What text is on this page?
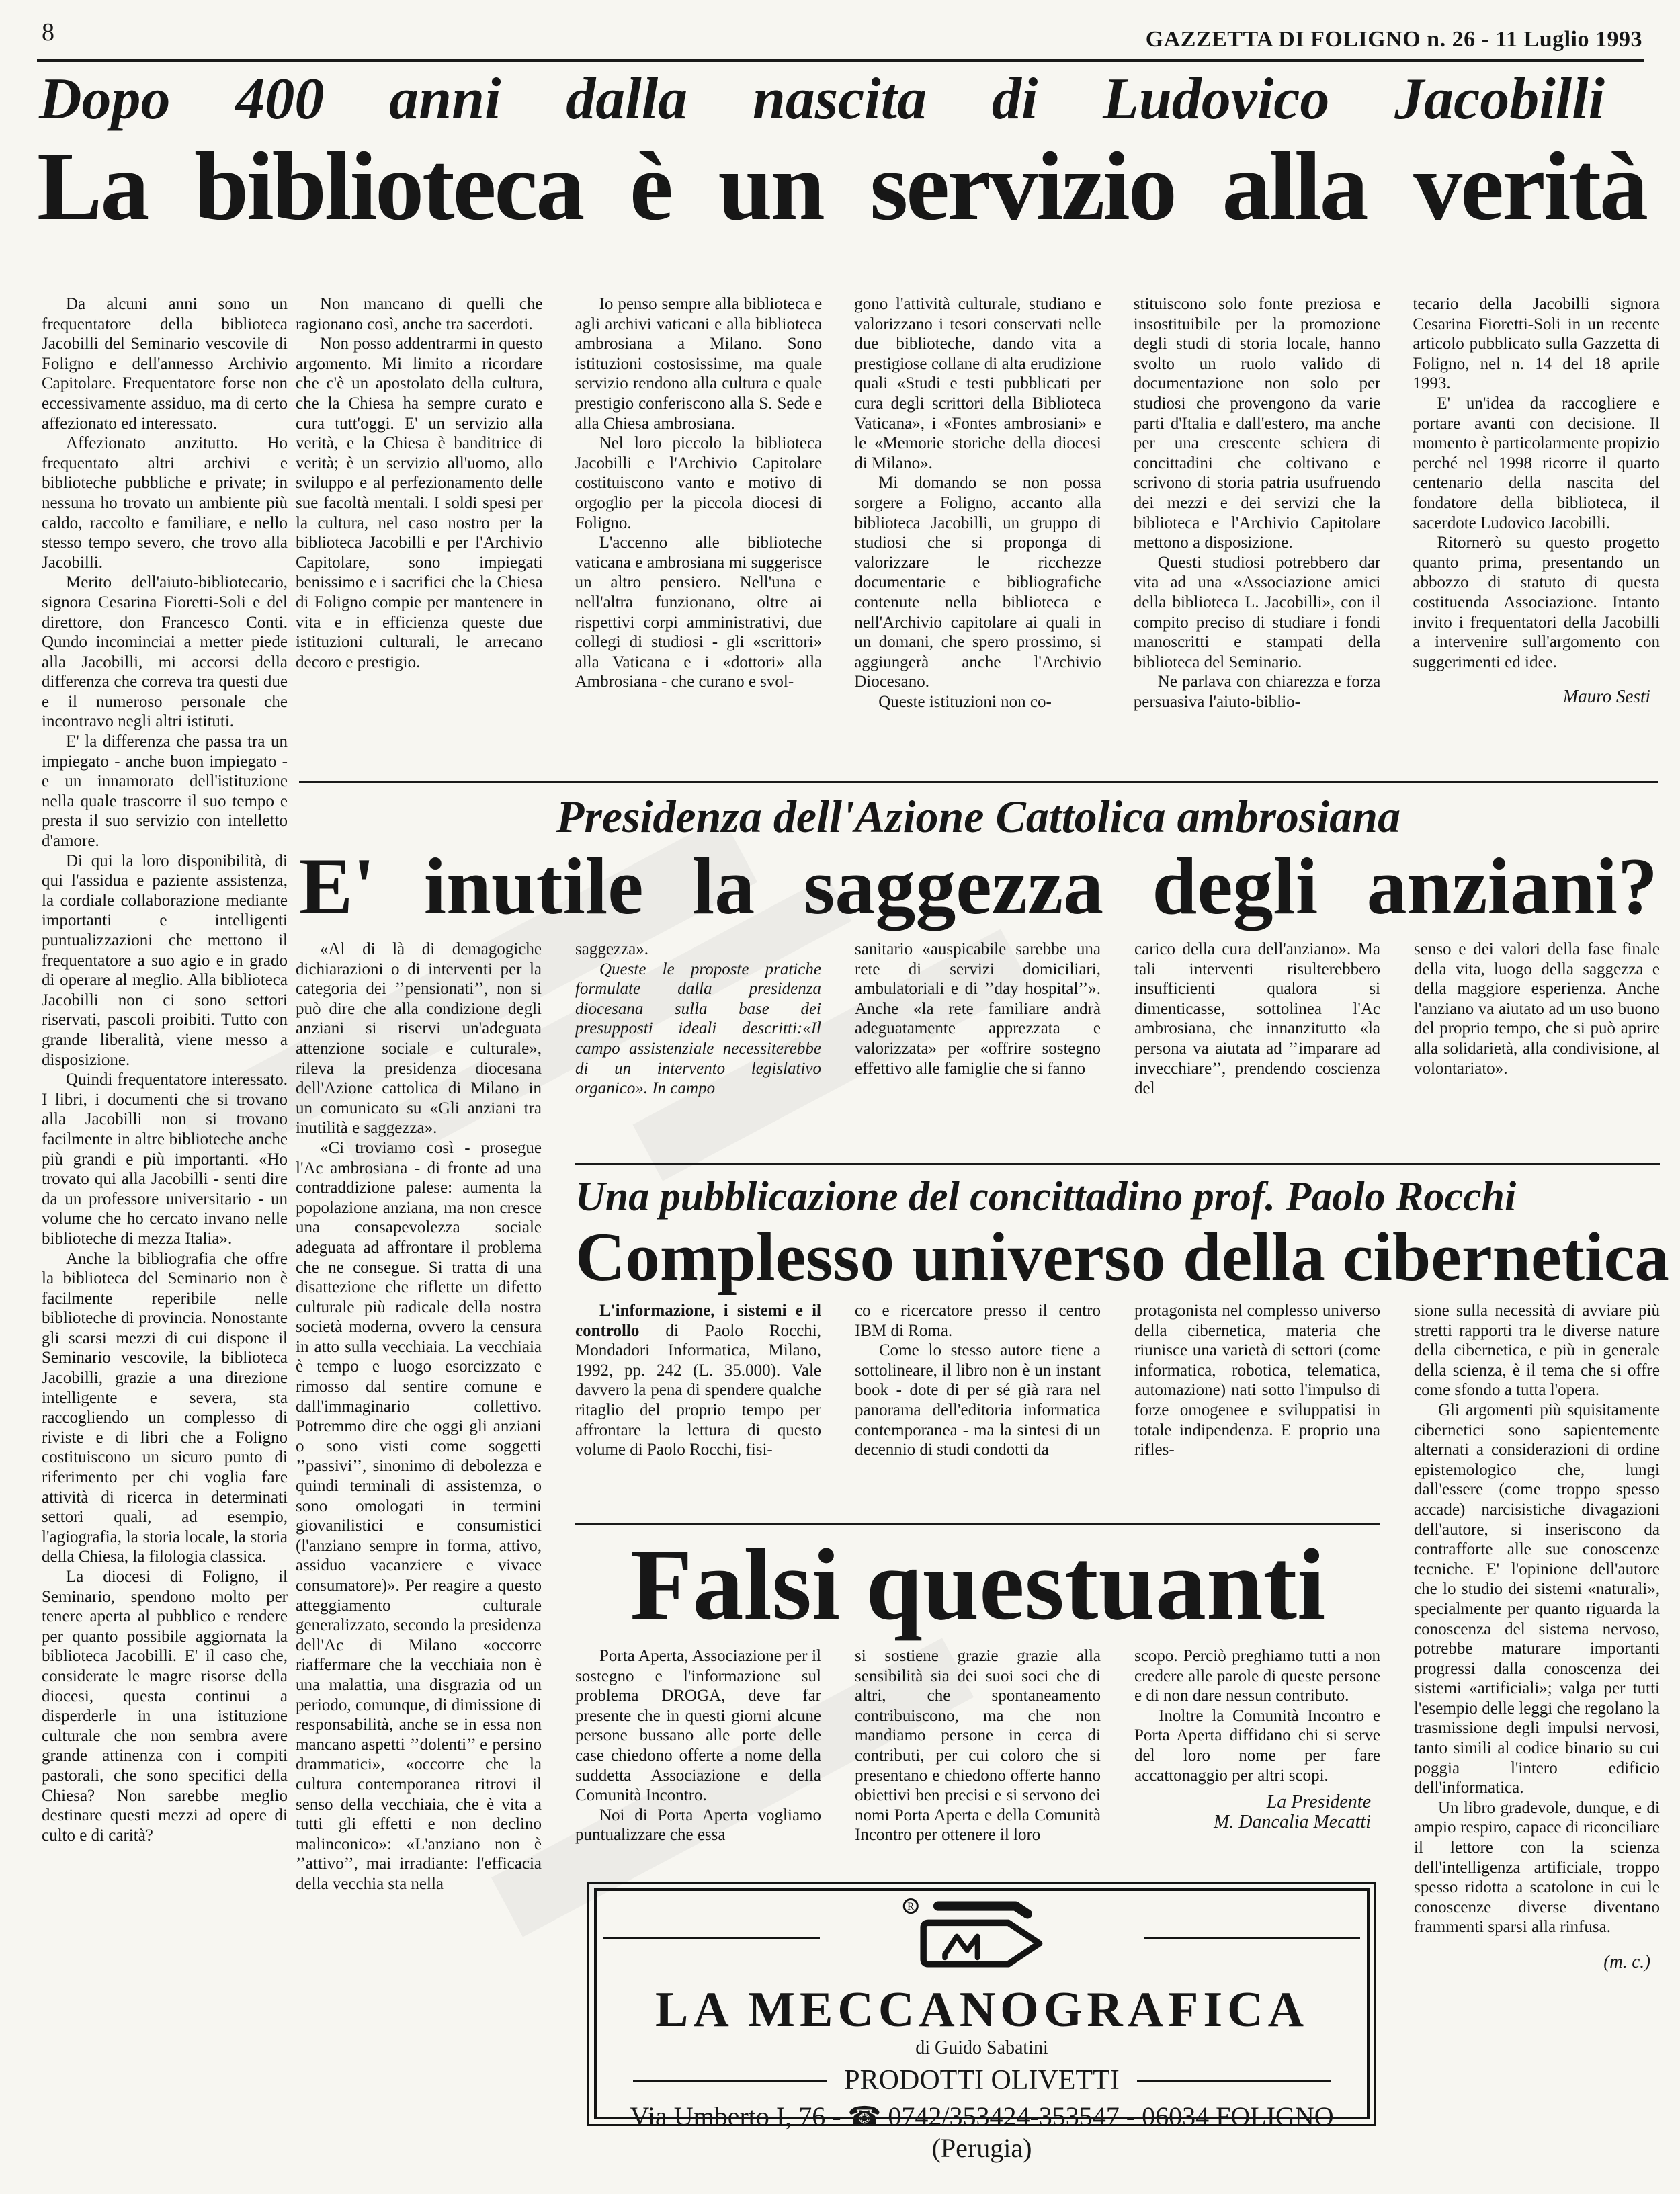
8	GAZZETTA DI FOLIGNO n. 26 - 11 Luglio 1993
Dopo 400 anni dalla nascita di Ludovico Jacobilli
La biblioteca è un servizio alla verità

Da alcuni anni sono un frequentatore della biblioteca Jacobilli del Seminario vescovile di Foligno e dell'annesso Archivio Capitolare. Frequentatore forse non eccessivamente assiduo, ma di certo affezionato ed interessato.

Affezionato anzitutto. Ho frequentato altri archivi e biblioteche pubbliche e private; in nessuna ho trovato un ambiente più caldo, raccolto e familiare, e nello stesso tempo severo, che trovo alla Jacobilli.

Merito dell'aiuto-bibliotecario, signora Cesarina Fioretti-Soli e del direttore, don Francesco Conti. Qundo incominciai a metter piede alla Jacobilli, mi accorsi della differenza che correva tra questi due e il numeroso personale che incontravo negli altri istituti.

E' la differenza che passa tra un impiegato - anche buon impiegato - e un innamorato dell'istituzione nella quale trascorre il suo tempo e presta il suo servizio con intelletto d'amore.

Di qui la loro disponibilità, di qui l'assidua e paziente assistenza, la cordiale collaborazione mediante importanti e intelligenti puntualizzazioni che mettono il frequentatore a suo agio e in grado di operare al meglio. Alla biblioteca Jacobilli non ci sono settori riservati, pascoli proibiti. Tutto con grande liberalità, viene messo a disposizione.

Quindi frequentatore interessato. I libri, i documenti che si trovano alla Jacobilli non si trovano facilmente in altre biblioteche anche più grandi e più importanti. «Ho trovato qui alla Jacobilli - senti dire da un professore universitario - un volume che ho cercato invano nelle biblioteche di mezza Italia».

Anche la bibliografia che offre la biblioteca del Seminario non è facilmente reperibile nelle biblioteche di provincia. Nonostante gli scarsi mezzi di cui dispone il Seminario vescovile, la biblioteca Jacobilli, grazie a una direzione intelligente e severa, sta raccogliendo un complesso di riviste e di libri che a Foligno costituiscono un sicuro punto di riferimento per chi voglia fare attività di ricerca in determinati settori quali, ad esempio, l'agiografia, la storia locale, la storia della Chiesa, la filologia classica.

La diocesi di Foligno, il Seminario, spendono molto per tenere aperta al pubblico e rendere per quanto possibile aggiornata la biblioteca Jacobilli. E' il caso che, considerate le magre risorse della diocesi, questa continui a disperderle in una istituzione culturale che non sembra avere grande attinenza con i compiti pastorali, che sono specifici della Chiesa? Non sarebbe meglio destinare questi mezzi ad opere di culto e di carità?

Non mancano di quelli che ragionano così, anche tra sacerdoti.

Non posso addentrarmi in questo argomento. Mi limito a ricordare che c'è un apostolato della cultura, che la Chiesa ha sempre curato e cura tutt'oggi. E' un servizio alla verità, e la Chiesa è banditrice di verità; è un servizio all'uomo, allo sviluppo e al perfezionamento delle sue facoltà mentali. I soldi spesi per la cultura, nel caso nostro per la biblioteca Jacobilli e per l'Archivio Capitolare, sono impiegati benissimo e i sacrifici che la Chiesa di Foligno compie per mantenere in vita e in efficienza queste due istituzioni culturali, le arrecano decoro e prestigio.

Io penso sempre alla biblioteca e agli archivi vaticani e alla biblioteca ambrosiana a Milano. Sono istituzioni costosissime, ma quale servizio rendono alla cultura e quale prestigio conferiscono alla S. Sede e alla Chiesa ambrosiana.

Nel loro piccolo la biblioteca Jacobilli e l'Archivio Capitolare costituiscono vanto e motivo di orgoglio per la piccola diocesi di Foligno.

L'accenno alle biblioteche vaticana e ambrosiana mi suggerisce un altro pensiero. Nell'una e nell'altra funzionano, oltre ai rispettivi corpi amministrativi, due collegi di studiosi - gli «scrittori» alla Vaticana e i «dottori» alla Ambrosiana - che curano e svol-

gono l'attività culturale, studiano e valorizzano i tesori conservati nelle due biblioteche, dando vita a prestigiose collane di alta erudizione quali «Studi e testi pubblicati per cura degli scrittori della Biblioteca Vaticana», i «Fontes ambrosiani» e le «Memorie storiche della diocesi di Milano».

Mi domando se non possa sorgere a Foligno, accanto alla biblioteca Jacobilli, un gruppo di studiosi che si proponga di valorizzare le ricchezze documentarie e bibliografiche contenute nella biblioteca e nell'Archivio capitolare ai quali in un domani, che spero prossimo, si aggiungerà anche l'Archivio Diocesano.

Queste istituzioni non co-

stituiscono solo fonte preziosa e insostituibile per la promozione degli studi di storia locale, hanno svolto un ruolo valido di documentazione non solo per studiosi che provengono da varie parti d'Italia e dall'estero, ma anche per una crescente schiera di concittadini che coltivano e scrivono di storia patria usufruendo dei mezzi e dei servizi che la biblioteca e l'Archivio Capitolare mettono a disposizione.

Questi studiosi potrebbero dar vita ad una «Associazione amici della biblioteca L. Jacobilli», con il compito preciso di studiare i fondi manoscritti e stampati della biblioteca del Seminario.

Ne parlava con chiarezza e forza persuasiva l'aiuto-biblio-

tecario della Jacobilli signora Cesarina Fioretti-Soli in un recente articolo pubblicato sulla Gazzetta di Foligno, nel n. 14 del 18 aprile 1993.

E' un'idea da raccogliere e portare avanti con decisione. Il momento è particolarmente propizio perché nel 1998 ricorre il quarto centenario della nascita del fondatore della biblioteca, il sacerdote Ludovico Jacobilli.

Ritornerò su questo progetto quanto prima, presentando un abbozzo di statuto di questa costituenda Associazione. Intanto invito i frequentatori della Jacobilli a intervenire sull'argomento con suggerimenti ed idee.

Mauro Sesti
Presidenza dell'Azione Cattolica ambrosiana
E' inutile la saggezza degli anziani?

«Al di là di demagogiche dichiarazioni o di interventi per la categoria dei ’’pensionati’’, non si può dire che alla condizione degli anziani si riservi un'adeguata attenzione sociale e culturale», rileva la presidenza diocesana dell'Azione cattolica di Milano in un comunicato su «Gli anziani tra inutilità e saggezza».

«Ci troviamo così - prosegue l'Ac ambrosiana - di fronte ad una contraddizione palese: aumenta la popolazione anziana, ma non cresce una consapevolezza sociale adeguata ad affrontare il problema che ne consegue. Si tratta di una disattezione che riflette un difetto culturale più radicale della nostra società moderna, ovvero la censura in atto sulla vecchiaia. La vecchiaia è tempo e luogo esorcizzato e rimosso dal sentire comune e dall'immaginario collettivo. Potremmo dire che oggi gli anziani o sono visti come soggetti ’’passivi’’, sinonimo di debolezza e quindi terminali di assistemza, o sono omologati in termini giovanilistici e consumistici (l'anziano sempre in forma, attivo, assiduo vacanziere e vivace consumatore)». Per reagire a questo atteggiamento culturale generalizzato, secondo la presidenza dell'Ac di Milano «occorre riaffermare che la vecchiaia non è una malattia, una disgrazia od un periodo, comunque, di dimissione di responsabilità, anche se in essa non mancano aspetti ’’dolenti’’ e persino drammatici», «occorre che la cultura contemporanea ritrovi il senso della vecchiaia, che è vita a tutti gli effetti e non declino malinconico»: «L'anziano non è ’’attivo’’, mai irradiante: l'efficacia della vecchia sta nella

saggezza».

Queste le proposte pratiche formulate dalla presidenza diocesana sulla base dei presupposti ideali descritti:«Il campo assistenziale necessiterebbe di un intervento legislativo organico». In campo

sanitario «auspicabile sarebbe una rete di servizi domiciliari, ambulatoriali e di ’’day hospital’’». Anche «la rete familiare andrà adeguatamente apprezzata e valorizzata» per «offrire sostegno effettivo alle famiglie che si fanno

carico della cura dell'anziano». Ma tali interventi risulterebbero insufficienti qualora si dimenticasse, sottolinea l'Ac ambrosiana, che innanzitutto «la persona va aiutata ad ’’imparare ad invecchiare’’, prendendo coscienza del

senso e dei valori della fase finale della vita, luogo della saggezza e della maggiore esperienza. Anche l'anziano va aiutato ad un uso buono del proprio tempo, che si può aprire alla solidarietà, alla condivisione, al volontariato».

Una pubblicazione del concittadino prof. Paolo Rocchi
Complesso universo della cibernetica

L'informazione, i sistemi e il controllo di Paolo Rocchi, Mondadori Informatica, Milano, 1992, pp. 242 (L. 35.000). Vale davvero la pena di spendere qualche ritaglio del proprio tempo per affrontare la lettura di questo volume di Paolo Rocchi, fisi-

co e ricercatore presso il centro IBM di Roma.

Come lo stesso autore tiene a sottolineare, il libro non è un instant book - dote di per sé già rara nel panorama dell'editoria informatica contemporanea - ma la sintesi di un decennio di studi condotti da

protagonista nel complesso universo della cibernetica, materia che riunisce una varietà di settori (come informatica, robotica, telematica, automazione) nati sotto l'impulso di forze omogenee e sviluppatisi in totale indipendenza. E proprio una rifles-

sione sulla necessità di avviare più stretti rapporti tra le diverse nature della cibernetica, e più in generale della scienza, è il tema che si offre come sfondo a tutta l'opera.

Gli argomenti più squisitamente cibernetici sono sapientemente alternati a considerazioni di ordine epistemologico che, lungi dall'essere (come troppo spesso accade) narcisistiche divagazioni dell'autore, si inseriscono da contrafforte alle sue conoscenze tecniche. E' l'opinione dell'autore che lo studio dei sistemi «naturali», specialmente per quanto riguarda la conoscenza del sistema nervoso, potrebbe maturare importanti progressi dalla conoscenza dei sistemi «artificiali»; valga per tutti l'esempio delle leggi che regolano la trasmissione degli impulsi nervosi, tanto simili al codice binario su cui poggia l'intero edificio dell'informatica.

Un libro gradevole, dunque, e di ampio respiro, capace di riconciliare il lettore con la scienza dell'intelligenza artificiale, troppo spesso ridotta a scatolone in cui le conoscenze diverse diventano frammenti sparsi alla rinfusa.

(m. c.)
Falsi questuanti

Porta Aperta, Associazione per il sostegno e l'informazione sul problema DROGA, deve far presente che in questi giorni alcune persone bussano alle porte delle case chiedono offerte a nome della suddetta Associazione e della Comunità Incontro.

Noi di Porta Aperta vogliamo puntualizzare che essa

si sostiene grazie grazie alla sensibilità sia dei suoi soci che di altri, che spontaneamento contribuiscono, ma che non mandiamo persone in cerca di contributi, per cui coloro che si presentano e chiedono offerte hanno obiettivi ben precisi e si servono dei nomi Porta Aperta e della Comunità Incontro per ottenere il loro

scopo. Perciò preghiamo tutti a non credere alle parole di queste persone e di non dare nessun contributo.

Inoltre la Comunità Incontro e Porta Aperta diffidano chi si serve del loro nome per fare accattonaggio per altri scopi.

La Presidente
M. Dancalia Mecatti
R
LA MECCANOGRAFICA
di Guido Sabatini
PRODOTTI OLIVETTI
Via Umberto I, 76 - ☎ 0742/353424-353547 - 06034 FOLIGNO (Perugia)
